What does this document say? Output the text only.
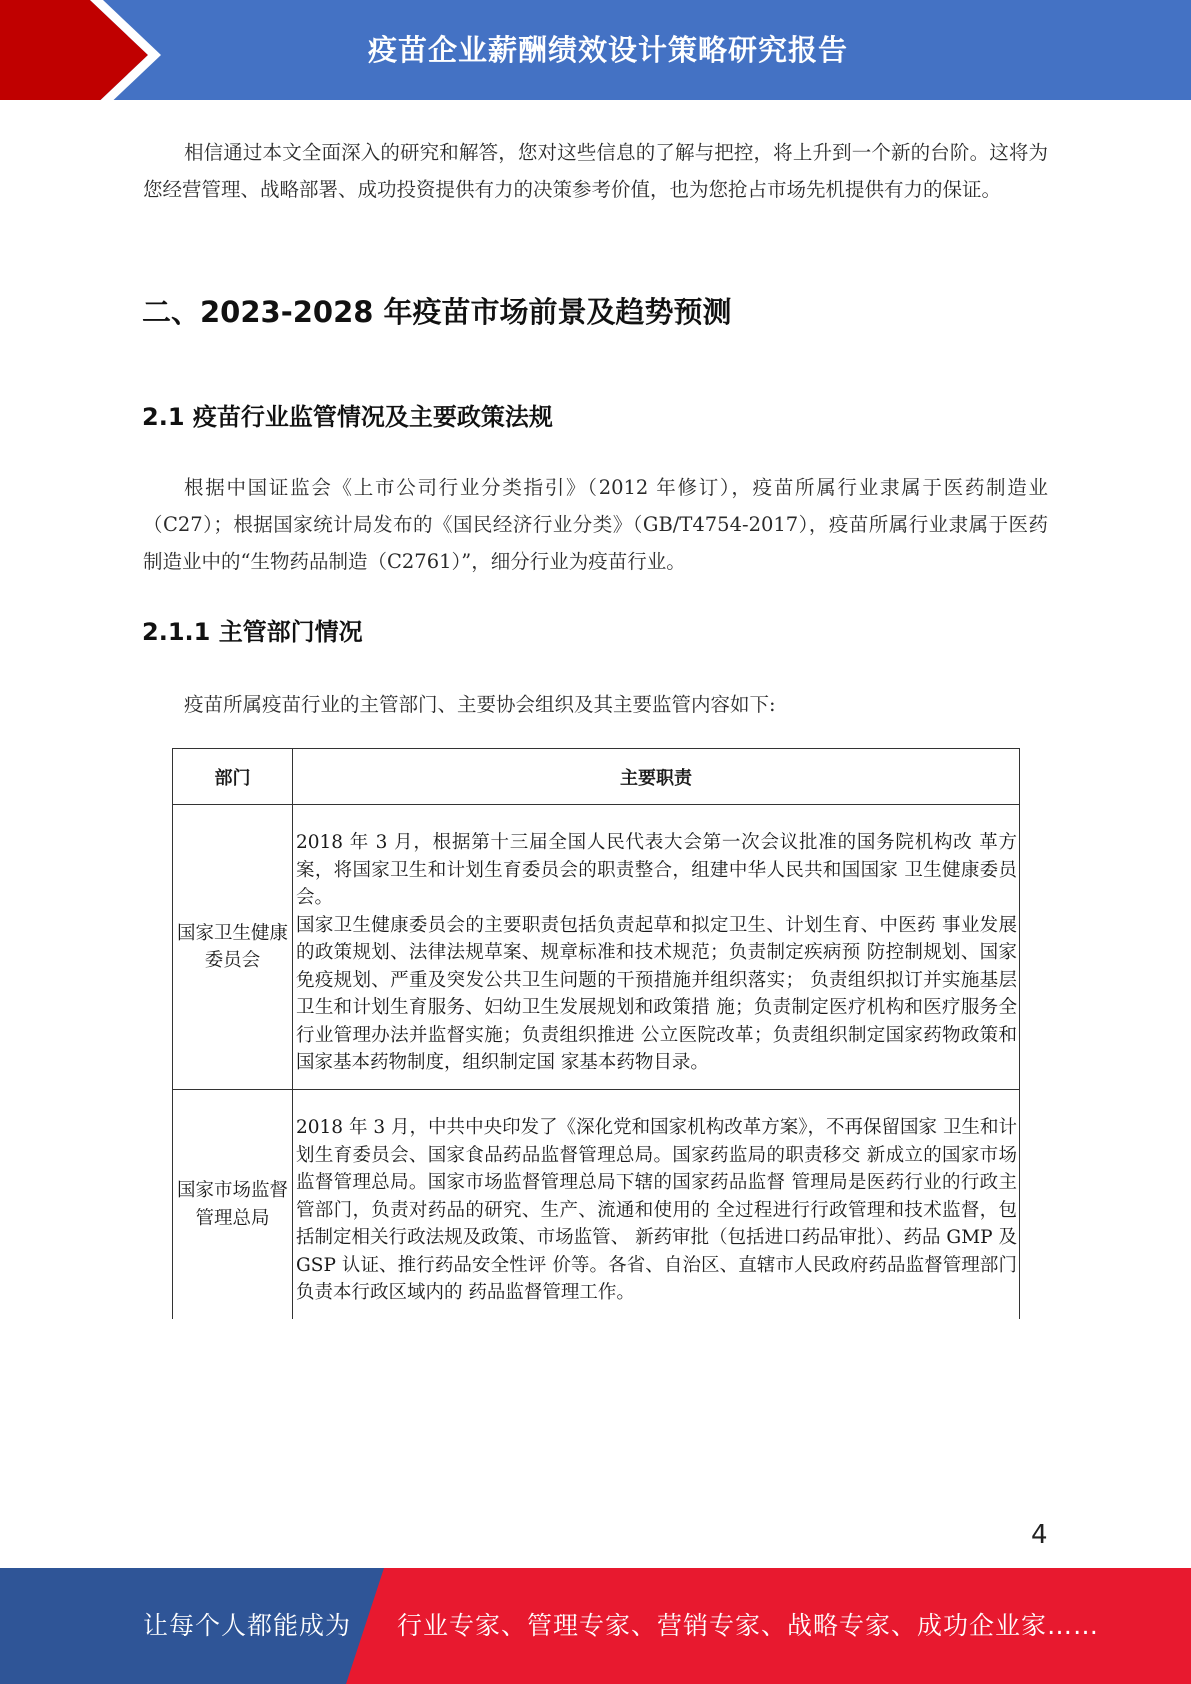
疫苗企业薪酬绩效设计策略研究报告

相信通过本文全面深入的研究和解答，您对这些信息的了解与把控，将上升到一个新的台阶。这将为您经营管理、战略部署、成功投资提供有力的决策参考价值，也为您抢占市场先机提供有力的保证。

二、2023-2028 年疫苗市场前景及趋势预测
2.1 疫苗行业监管情况及主要政策法规

根据中国证监会《上市公司行业分类指引》（2012 年修订），疫苗所属行业隶属于医药制造业（C27）；根据国家统计局发布的《国民经济行业分类》（GB/T4754-2017），疫苗所属行业隶属于医药制造业中的“生物药品制造（C2761）”，细分行业为疫苗行业。

2.1.1 主管部门情况

疫苗所属疫苗行业的主管部门、主要协会组织及其主要监管内容如下:

部门	主要职责
国家卫生健康委员会	2018 年 3 月，根据第十三届全国人民代表大会第一次会议批准的国务院机构改 革方案，将国家卫生和计划生育委员会的职责整合，组建中华人民共和国国家 卫生健康委员会。
国家卫生健康委员会的主要职责包括负责起草和拟定卫生、计划生育、中医药 事业发展的政策规划、法律法规草案、规章标准和技术规范；负责制定疾病预 防控制规划、国家免疫规划、严重及突发公共卫生问题的干预措施并组织落实； 负责组织拟订并实施基层卫生和计划生育服务、妇幼卫生发展规划和政策措 施；负责制定医疗机构和医疗服务全行业管理办法并监督实施；负责组织推进 公立医院改革；负责组织制定国家药物政策和国家基本药物制度，组织制定国 家基本药物目录。

国家市场监督管理总局	2018 年 3 月，中共中央印发了《深化党和国家机构改革方案》，不再保留国家 卫生和计划生育委员会、国家食品药品监督管理总局。国家药监局的职责移交 新成立的国家市场监督管理总局。国家市场监督管理总局下辖的国家药品监督 管理局是医药行业的行政主管部门，负责对药品的研究、生产、流通和使用的 全过程进行行政管理和技术监督，包括制定相关行政法规及政策、市场监管、 新药审批（包括进口药品审批）、药品 GMP 及 GSP 认证、推行药品安全性评 价等。各省、自治区、直辖市人民政府药品监督管理部门负责本行政区域内的 药品监督管理工作。
4
让每个人都能成为 行业专家、管理专家、营销专家、战略专家、成功企业家……
